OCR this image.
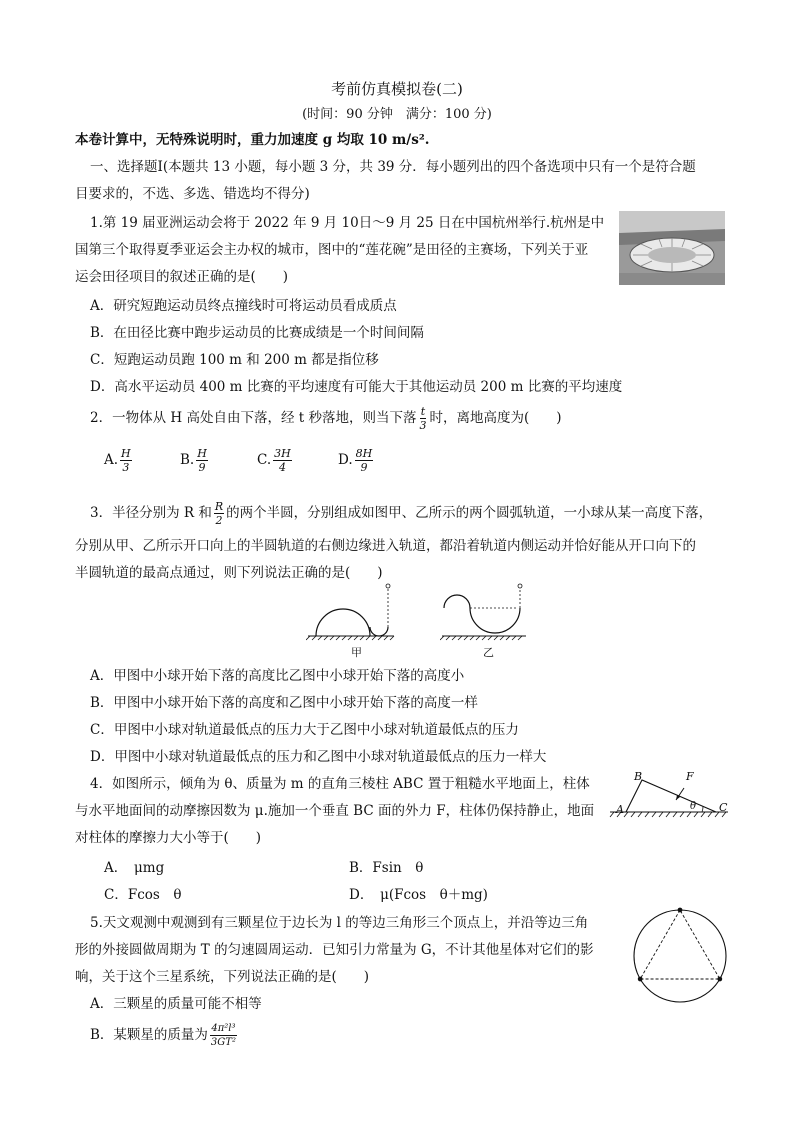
考前仿真模拟卷(二)
(时间：90 分钟　满分：100 分)
本卷计算中，无特殊说明时，重力加速度 g 均取 10 m/s².
一、选择题Ⅰ(本题共 13 小题，每小题 3 分，共 39 分．每小题列出的四个备选项中只有一个是符合题
目要求的，不选、多选、错选均不得分)
1.第 19 届亚洲运动会将于 2022 年 9 月 10日～9 月 25 日在中国杭州举行.杭州是中
国第三个取得夏季亚运会主办权的城市，图中的“莲花碗”是田径的主赛场，下列关于亚
运会田径项目的叙述正确的是(　　)
A．研究短跑运动员终点撞线时可将运动员看成质点
B．在田径比赛中跑步运动员的比赛成绩是一个时间间隔
C．短跑运动员跑 100 m 和 200 m 都是指位移
D．高水平运动员 400 m 比赛的平均速度有可能大于其他运动员 200 m 比赛的平均速度
2．一物体从 H 高处自由下落，经 t 秒落地，则当下落 $\frac{t}{3}$ 时，离地高度为(　　)
A. $\frac{H}{3}$	B. $\frac{H}{9}$	C. $\frac{3H}{4}$	D. $\frac{8H}{9}$
3．半径分别为 R 和 $\frac{R}{2}$ 的两个半圆，分别组成如图甲、乙所示的两个圆弧轨道，一小球从某一高度下落，
分别从甲、乙所示开口向上的半圆轨道的右侧边缘进入轨道，都沿着轨道内侧运动并恰好能从开口向下的
半圆轨道的最高点通过，则下列说法正确的是(　　)
甲	乙
A．甲图中小球开始下落的高度比乙图中小球开始下落的高度小
B．甲图中小球开始下落的高度和乙图中小球开始下落的高度一样
C．甲图中小球对轨道最低点的压力大于乙图中小球对轨道最低点的压力
D．甲图中小球对轨道最低点的压力和乙图中小球对轨道最低点的压力一样大
4．如图所示，倾角为 θ、质量为 m 的直角三棱柱 ABC 置于粗糙水平地面上，柱体
与水平地面间的动摩擦因数为 μ.施加一个垂直 BC 面的外力 F，柱体仍保持静止，地面
对柱体的摩擦力大小等于(　　)
B	F
A	θ C
A．　μmg	B．Fsin　θ
C．Fcos　θ	D．　μ(Fcos　θ＋mg)
5.天文观测中观测到有三颗星位于边长为 l 的等边三角形三个顶点上，并沿等边三角
形的外接圆做周期为 T 的匀速圆周运动．已知引力常量为 G，不计其他星体对它们的影
响，关于这个三星系统，下列说法正确的是(　　)
A．三颗星的质量可能不相等
B．某颗星的质量为 $\frac{\text{4π²l³}}{\text{3GT²}}$
